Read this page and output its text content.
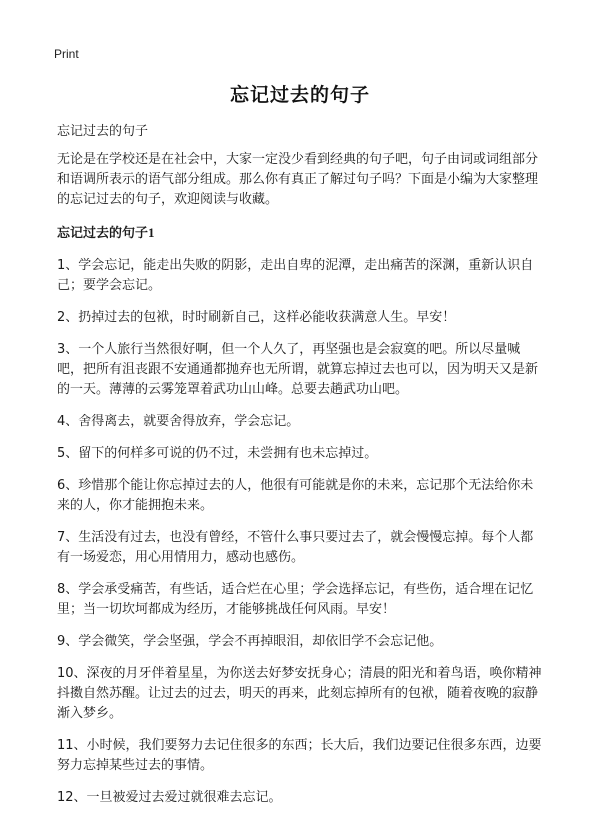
Print
忘记过去的句子
忘记过去的句子

无论是在学校还是在社会中，大家一定没少看到经典的句子吧，句子由词或词组部分和语调所表示的语气部分组成。那么你有真正了解过句子吗？下面是小编为大家整理的忘记过去的句子，欢迎阅读与收藏。

忘记过去的句子1

1、学会忘记，能走出失败的阴影，走出自卑的泥潭，走出痛苦的深渊，重新认识自己；要学会忘记。

2、扔掉过去的包袱，时时刷新自己，这样必能收获满意人生。早安！

3、一个人旅行当然很好啊，但一个人久了，再坚强也是会寂寞的吧。所以尽量喊吧，把所有沮丧跟不安通通都抛弃也无所谓，就算忘掉过去也可以，因为明天又是新的一天。薄薄的云雾笼罩着武功山山峰。总要去趟武功山吧。

4、舍得离去，就要舍得放弃，学会忘记。

5、留下的何样多可说的仍不过，未尝拥有也未忘掉过。

6、珍惜那个能让你忘掉过去的人，他很有可能就是你的未来，忘记那个无法给你未来的人，你才能拥抱未来。

7、生活没有过去，也没有曾经，不管什么事只要过去了，就会慢慢忘掉。每个人都有一场爱恋，用心用情用力，感动也感伤。

8、学会承受痛苦，有些话，适合烂在心里；学会选择忘记，有些伤，适合埋在记忆里；当一切坎坷都成为经历，才能够挑战任何风雨。早安！

9、学会微笑，学会坚强，学会不再掉眼泪，却依旧学不会忘记他。

10、深夜的月牙伴着星星，为你送去好梦安抚身心；清晨的阳光和着鸟语，唤你精神抖擞自然苏醒。让过去的过去，明天的再来，此刻忘掉所有的包袱，随着夜晚的寂静渐入梦乡。

11、小时候，我们要努力去记住很多的东西；长大后，我们边要记住很多东西，边要努力忘掉某些过去的事情。

12、一旦被爱过去爱过就很难去忘记。
